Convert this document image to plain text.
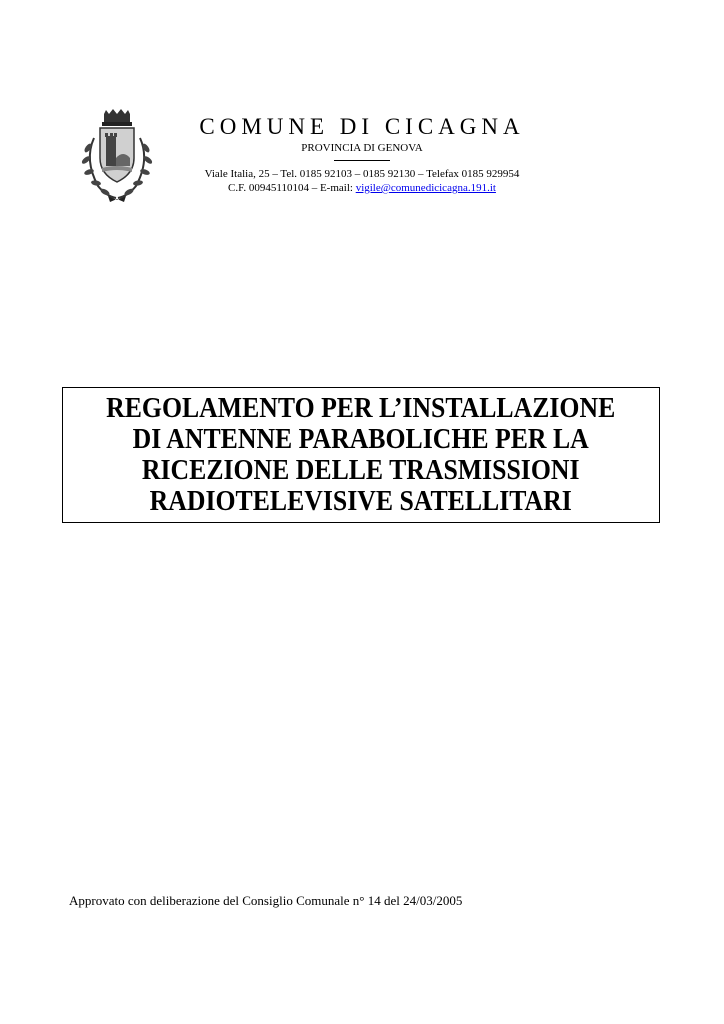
COMUNE DI CICAGNA
PROVINCIA DI GENOVA
Viale Italia, 25 – Tel. 0185 92103 – 0185 92130 – Telefax 0185 929954
C.F. 00945110104 – E-mail: vigile@comunedicicagna.191.it
REGOLAMENTO PER L’INSTALLAZIONE
DI ANTENNE PARABOLICHE PER LA
RICEZIONE DELLE TRASMISSIONI
RADIOTELEVISIVE SATELLITARI
Approvato con deliberazione del Consiglio Comunale n° 14 del 24/03/2005
